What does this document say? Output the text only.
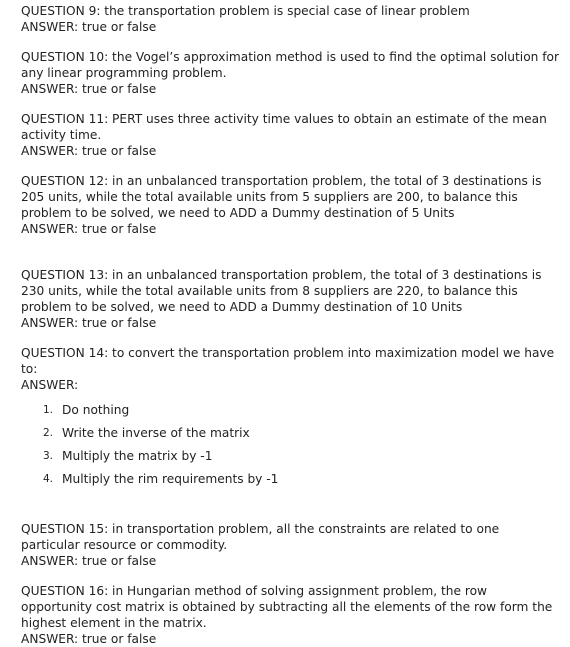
QUESTION 9: the transportation problem is special case of linear problem
ANSWER: true or false
QUESTION 10: the Vogel’s approximation method is used to find the optimal solution for any linear programming problem.
ANSWER: true or false
QUESTION 11: PERT uses three activity time values to obtain an estimate of the mean activity time.
ANSWER: true or false
QUESTION 12: in an unbalanced transportation problem, the total of 3 destinations is 205 units, while the total available units from 5 suppliers are 200, to balance this problem to be solved, we need to ADD a Dummy destination of 5 Units
ANSWER: true or false
QUESTION 13: in an unbalanced transportation problem, the total of 3 destinations is 230 units, while the total available units from 8 suppliers are 220, to balance this problem to be solved, we need to ADD a Dummy destination of 10 Units
ANSWER: true or false
QUESTION 14: to convert the transportation problem into maximization model we have to:
ANSWER:
1. Do nothing
2. Write the inverse of the matrix
3. Multiply the matrix by -1
4. Multiply the rim requirements by -1
QUESTION 15: in transportation problem, all the constraints are related to one particular resource or commodity.
ANSWER: true or false
QUESTION 16: in Hungarian method of solving assignment problem, the row opportunity cost matrix is obtained by subtracting all the elements of the row form the highest element in the matrix.
ANSWER: true or false
